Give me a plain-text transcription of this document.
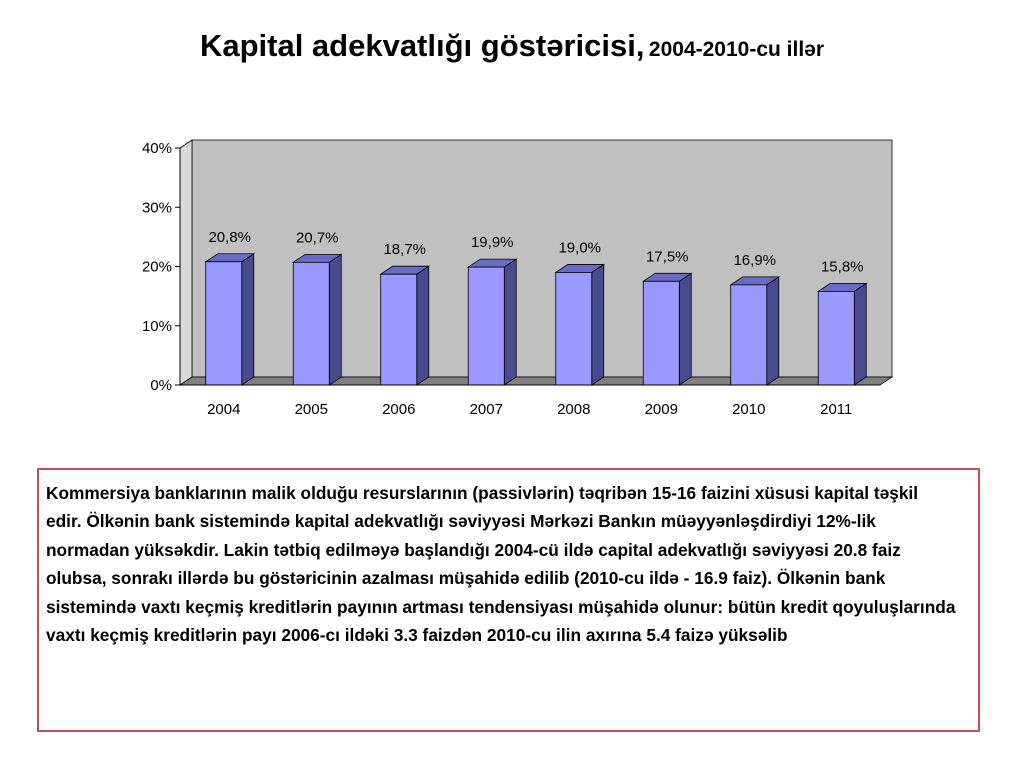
Kapital adekvatlığı göstəricisi, 2004-2010-cu illər
0%
10%
20%
30%
40%
20,8%	20,7%
18,7%	19,9%	19,0%
17,5%	16,9%	15,8%
2004	2005	2006	2007	2008	2009	2010	2011

Kommersiya banklarının malik olduğu resurslarının (passivlərin) təqribən 15-16 faizini xüsusi kapital təşkil edir. Ölkənin bank sistemində kapital adekvatlığı səviyyəsi Mərkəzi Bankın müəyyənləşdirdiyi 12%-lik normadan yüksəkdir. Lakin tətbiq edilməyə başlandığı 2004-cü ildə capital adekvatlığı səviyyəsi 20.8 faiz olubsa, sonrakı illərdə bu göstəricinin azalması müşahidə edilib (2010-cu ildə - 16.9 faiz). Ölkənin bank sistemində vaxtı keçmiş kreditlərin payının artması tendensiyası müşahidə olunur: bütün kredit qoyuluşlarında vaxtı keçmiş kreditlərin payı 2006-cı ildəki 3.3 faizdən 2010-cu ilin axırına 5.4 faizə yüksəlib
